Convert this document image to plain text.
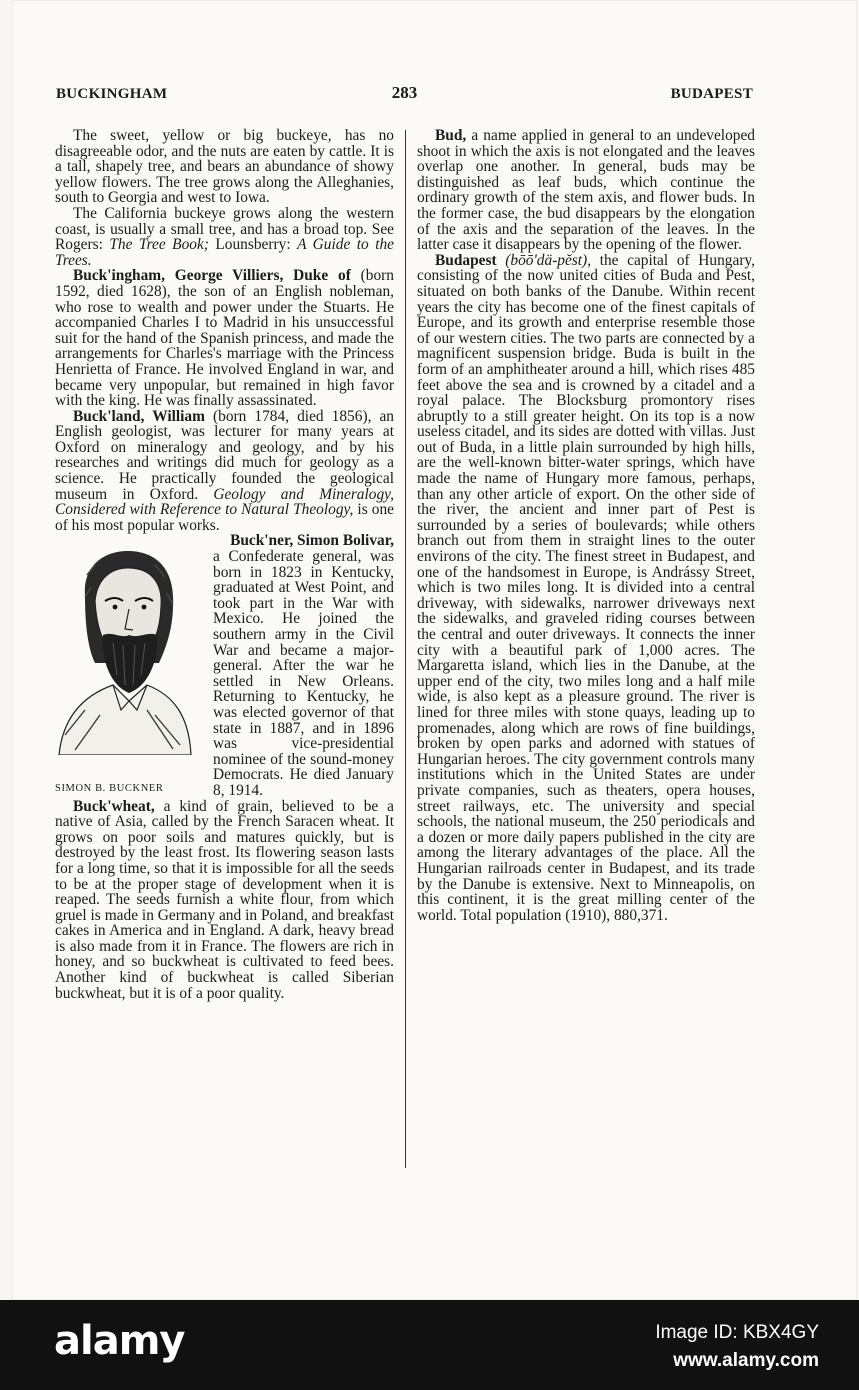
BUCKINGHAM	283	BUDAPEST

The sweet, yellow or big buckeye, has no disagreeable odor, and the nuts are eaten by cattle. It is a tall, shapely tree, and bears an abundance of showy yellow flowers. The tree grows along the Alleghanies, south to Georgia and west to Iowa.

The California buckeye grows along the western coast, is usually a small tree, and has a broad top. See Rogers: The Tree Book; Lounsberry: A Guide to the Trees.

Buck'ingham, George Villiers, Duke of (born 1592, died 1628), the son of an English nobleman, who rose to wealth and power under the Stuarts. He accompanied Charles I to Madrid in his unsuccessful suit for the hand of the Spanish princess, and made the arrangements for Charles's marriage with the Princess Henrietta of France. He involved England in war, and became very unpopular, but remained in high favor with the king. He was finally assassinated.

Buck'land, William (born 1784, died 1856), an English geologist, was lecturer for many years at Oxford on mineralogy and geology, and by his researches and writings did much for geology as a science. He practically founded the geological museum in Oxford. Geology and Mineralogy, Considered with Reference to Natural Theology, is one of his most popular works.

Buck'ner, Simon Bolivar,

SIMON B. BUCKNER
a Confederate general, was born in 1823 in Kentucky, graduated at West Point, and took part in the War with Mexico. He joined the southern army in the Civil War and became a major-general. After the war he settled in New Orleans. Returning to Kentucky, he was elected governor of that state in 1887, and in 1896 was vice-presidential nominee of the sound-money Democrats. He died January 8, 1914.

Buck'wheat, a kind of grain, believed to be a native of Asia, called by the French Saracen wheat. It grows on poor soils and matures quickly, but is destroyed by the least frost. Its flowering season lasts for a long time, so that it is impossible for all the seeds to be at the proper stage of development when it is reaped. The seeds furnish a white flour, from which gruel is made in Germany and in Poland, and breakfast cakes in America and in England. A dark, heavy bread is also made from it in France. The flowers are rich in honey, and so buckwheat is cultivated to feed bees. Another kind of buckwheat is called Siberian buckwheat, but it is of a poor quality.

Bud, a name applied in general to an undeveloped shoot in which the axis is not elongated and the leaves overlap one another. In general, buds may be distinguished as leaf buds, which continue the ordinary growth of the stem axis, and flower buds. In the former case, the bud disappears by the elongation of the axis and the separation of the leaves. In the latter case it disappears by the opening of the flower.

Budapest (bōō'dä-pĕst), the capital of Hungary, consisting of the now united cities of Buda and Pest, situated on both banks of the Danube. Within recent years the city has become one of the finest capitals of Europe, and its growth and enterprise resemble those of our western cities. The two parts are connected by a magnificent suspension bridge. Buda is built in the form of an amphitheater around a hill, which rises 485 feet above the sea and is crowned by a citadel and a royal palace. The Blocksburg promontory rises abruptly to a still greater height. On its top is a now useless citadel, and its sides are dotted with villas. Just out of Buda, in a little plain surrounded by high hills, are the well-known bitter-water springs, which have made the name of Hungary more famous, perhaps, than any other article of export. On the other side of the river, the ancient and inner part of Pest is surrounded by a series of boulevards; while others branch out from them in straight lines to the outer environs of the city. The finest street in Budapest, and one of the handsomest in Europe, is Andrássy Street, which is two miles long. It is divided into a central driveway, with sidewalks, narrower driveways next the sidewalks, and graveled riding courses between the central and outer driveways. It connects the inner city with a beautiful park of 1,000 acres. The Margaretta island, which lies in the Danube, at the upper end of the city, two miles long and a half mile wide, is also kept as a pleasure ground. The river is lined for three miles with stone quays, leading up to promenades, along which are rows of fine buildings, broken by open parks and adorned with statues of Hungarian heroes. The city government controls many institutions which in the United States are under private companies, such as theaters, opera houses, street railways, etc. The university and special schools, the national museum, the 250 periodicals and a dozen or more daily papers published in the city are among the literary advantages of the place. All the Hungarian railroads center in Budapest, and its trade by the Danube is extensive. Next to Minneapolis, on this continent, it is the great milling center of the world. Total population (1910), 880,371.

alamy	Image ID: KBX4GY
www.alamy.com
